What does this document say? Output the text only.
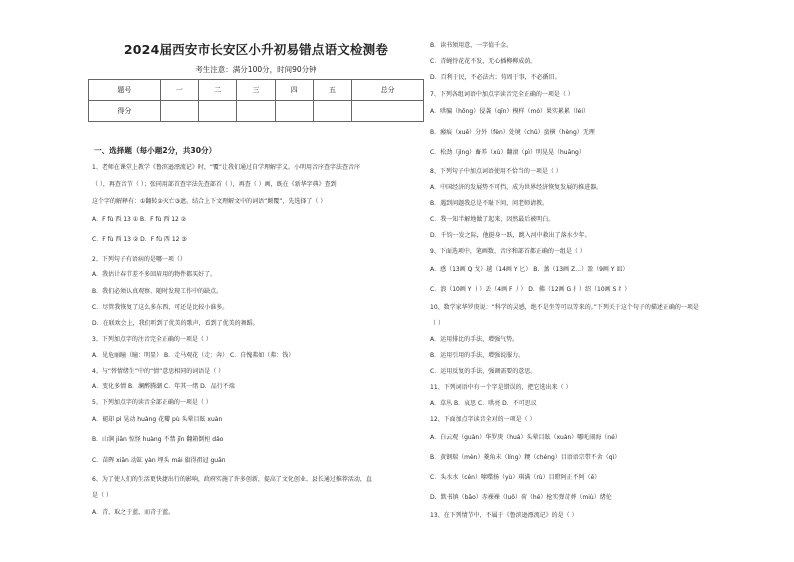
2024届西安市长安区小升初易错点语文检测卷
考生注意：满分100分，时间90分钟
题号	一	二	三	四	五	总分
得分						
一、选择题（每小题2分，共30分）
1、老师在课堂上教学《鲁滨逊漂流记》时，“覆”让我们通过自学理解字义。小明用音序查字法查音序
（ ），再查音节（ ）；张同用部首查字法先查部首（ ），再查（ ）画，既在《新华字典》查到
这个字的解释有：①翻转②灭亡③遮。结合上下文理解文中的词语“颠覆”，先选择了（ ）
A．F fù 西 13 ① B．F fù 西 12 ②
C．F fù 西 13 ② D．F fù 西 12 ③
2、下列句子有语病的是哪一项（）
A．我估计春节差不多回眉用的物件都买好了。
B．我们必须认真观察、随时发现工作中的缺点。
C．尽管我恢复了这么多东西，可还是比较小谁多。
D．在联欢会上，我们听到了优美的歌声，看到了优美的舞蹈。
3、下列加点字的注音完全正确的一项是（ ）
A．见危丽瞳（瞳：明显） B．走马观花（走：奔） C．自愧弗如（弗：钱）
4、与“替情绪生”中的“情”意思相同的词语是（ ）
A．变化多情 B．澜醉腾潮 C．年其一绪 D．品行不端
5、下列加点字的读音全部正确的一项是（ ）
A．褪却 pì 晃动 huàng 花瓣 pù 头晕目眩 xuàn
B．山涧 jiān 惊怪 huàng 不禁 jīn 翻箱倒柜 dǎo
C．苗晖 xiān 动缸 yàn 埋头 mái 旗得祖冠 guān
6、为了使人们的生活更快捷出行的影响，政府实施了许多创新，提高了文化创业、县长通过推荐活动，直
是（ ）
A．青，取之于蓝，而青于蓝。
B．读书须用意，一字值千金。
C．青蝇恃花花不发，无心插柳柳成荫。
D．百利于民，不必法古；苟周于事，不必循旧。
7、下列各组词语中加点字读音完全正确的一项是（ ）
A．哄骗（hōng）侵袭（qīn）模样（mó）果实累累（léi）
B．瘢痕（xuě）分外（fèn）处境（chǔ）蛮横（hèng）无理
C．松劲（jìng）畜养（xù）翻滚（pì）明晃晃（huāng）
8、下列句子中加点词语使用不恰当的一项是（ ）
A．中国经济的发展势不可挡，成为世界经济恢复发展的推进器。
B．遇到问题我总是不耻下问，问老师请教。
C．我一知半解地做了起来，因然最后被明白。
D．千钧一发之际，他挺身一跃，跳入河中救出了落水少年。
9、下面选项中，笔画数、音序和部首都正确的一组是（ ）
A．感（13画 Q 戈）越（14画 Y 匕） B．蒸（13画 Z…）盈（9画 Y 皿）
C．浪（10画 Y 丨）丢（4画 F 丿） D．佛（12画 G 扌）绍（10画 S 纟）
10、数学家华罗庚说：“科学的灵感，绝不是坐等可以等来的。”下列关于这个句子的描述正确的一项是
（ ）
A．运用排比的手法，增强气势。
B．运用引用的手法，增强说服力。
C．运用反复的手法，强调需要的意思。
11、下列词语中有一个字是错误的，把它选出来（ ）
A．草丛 B．哀思 C．哄亮 D．不可思议
12、下面加点字读音全对的一项是（ ）
A．白云观（guàn）华罗庚（huá）头晕目眩（xuàn）哪吒闹海（né）
B．黄钢瑞（mèn）菱角末（líng）粳（chéng）目语语宗带不舍（qì）
C．头水水（cén）嗦喋扬（yù）琪满（rù）目瞪阿正不阿（ē）
D．默书镇（bāo）赤裸裸（luǒ）荷（hé）枪实弹苛葬（miù）绪伦
13、在下列情节中，不属于《鲁滨逊漂流记》的是（ ）
